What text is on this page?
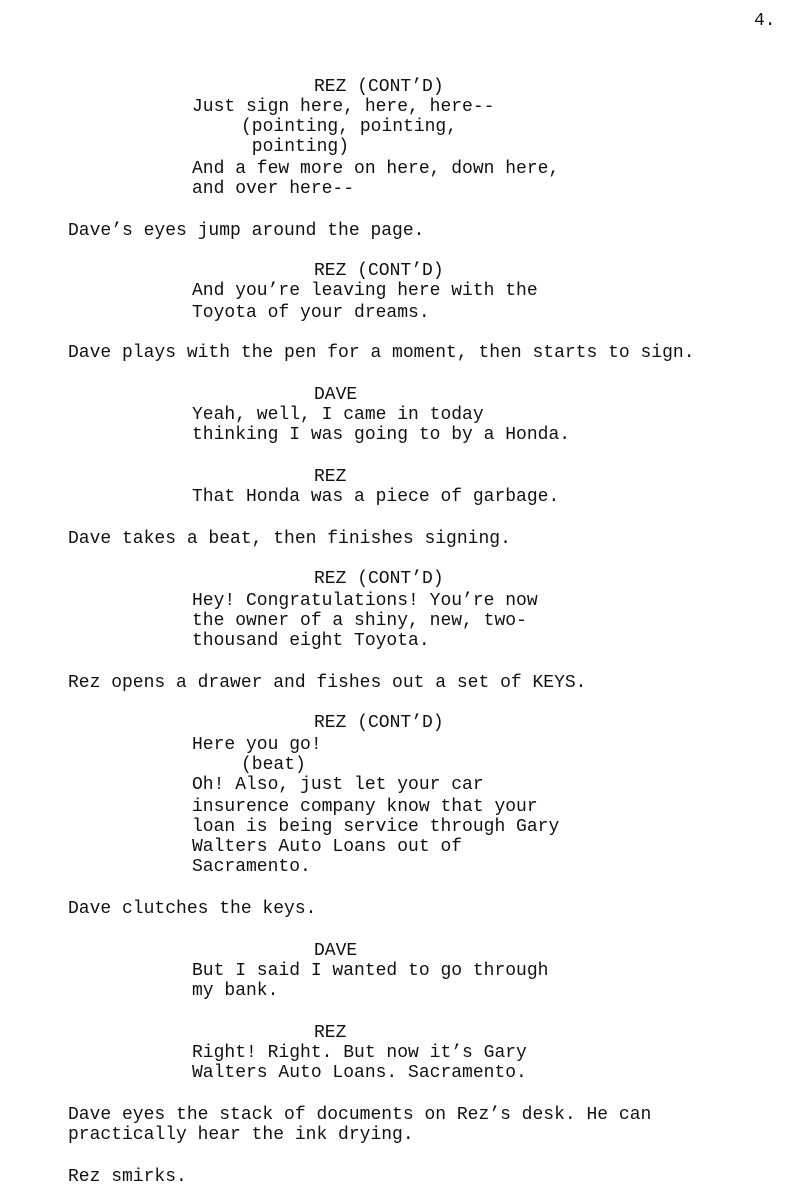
4.
REZ (CONT’D)
Just sign here, here, here--
(pointing, pointing,
pointing)
And a few more on here, down here,
and over here--
Dave’s eyes jump around the page.
REZ (CONT’D)
And you’re leaving here with the
Toyota of your dreams.
Dave plays with the pen for a moment, then starts to sign.
DAVE
Yeah, well, I came in today
thinking I was going to by a Honda.
REZ
That Honda was a piece of garbage.
Dave takes a beat, then finishes signing.
REZ (CONT’D)
Hey! Congratulations! You’re now
the owner of a shiny, new, two-
thousand eight Toyota.
Rez opens a drawer and fishes out a set of KEYS.
REZ (CONT’D)
Here you go!
(beat)
Oh! Also, just let your car
insurence company know that your
loan is being service through Gary
Walters Auto Loans out of
Sacramento.
Dave clutches the keys.
DAVE
But I said I wanted to go through
my bank.
REZ
Right! Right. But now it’s Gary
Walters Auto Loans. Sacramento.
Dave eyes the stack of documents on Rez’s desk. He can
practically hear the ink drying.
Rez smirks.
